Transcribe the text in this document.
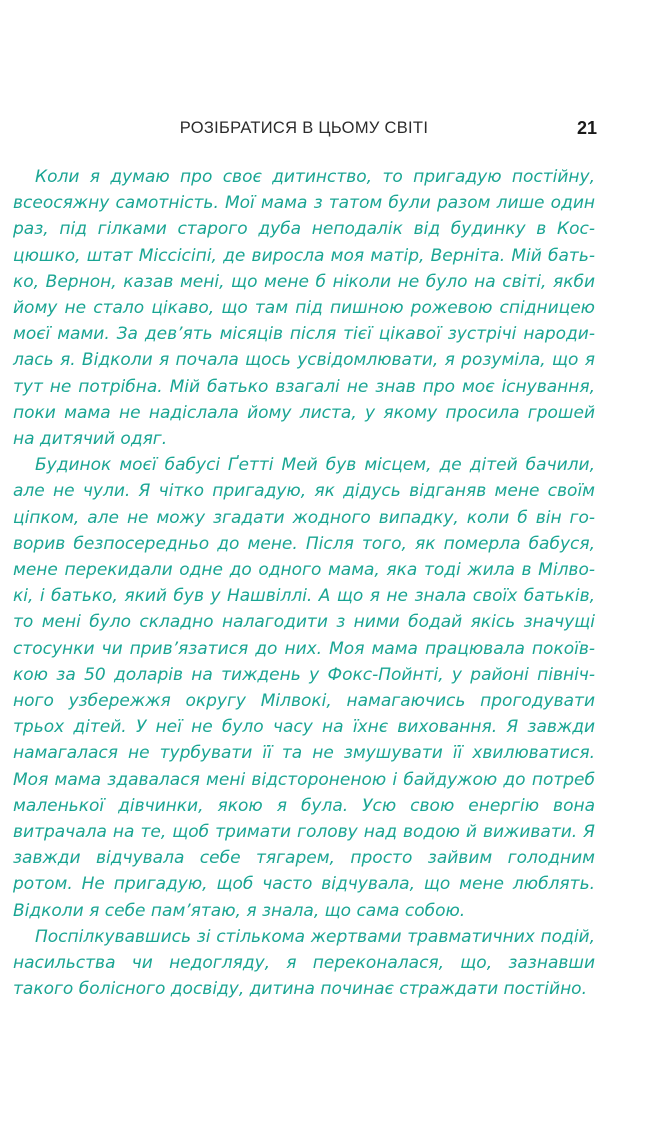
РОЗІБРАТИСЯ В ЦЬОМУ СВІТІ	21

Коли я думаю про своє дитинство, то пригадую постійну, всеосяжну самотність. Мої мама з татом були разом лише один раз, під гілками старого дуба неподалік від будинку в Косцюшко, штат Міссісіпі, де виросла моя матір, Верніта. Мій батько, Вернон, казав мені, що мене б ніколи не було на світі, якби йому не стало цікаво, що там під пишною рожевою спідницею моєї мами. За дев’ять місяців після тієї цікавої зустрічі народилась я. Відколи я почала щось усвідомлювати, я розуміла, що я тут не потрібна. Мій батько взагалі не знав про моє існування, поки мама не надіслала йому листа, у якому просила грошей на дитячий одяг.

Будинок моєї бабусі Ґетті Мей був місцем, де дітей бачили, але не чули. Я чітко пригадую, як дідусь відганяв мене своїм ціпком, але не можу згадати жодного випадку, коли б він говорив безпосередньо до мене. Після того, як померла бабуся, мене перекидали одне до одного мама, яка тоді жила в Мілвокі, і батько, який був у Нашвіллі. А що я не знала своїх батьків, то мені було складно налагодити з ними бодай якісь значущі стосунки чи прив’язатися до них. Моя мама працювала покоївкою за 50 доларів на тиждень у Фокс-Пойнті, у районі північного узбережжя округу Мілвокі, намагаючись прогодувати трьох дітей. У неї не було часу на їхнє виховання. Я завжди намагалася не турбувати її та не змушувати її хвилюватися. Моя мама здавалася мені відстороненою і байдужою до потреб маленької дівчинки, якою я була. Усю свою енергію вона витрачала на те, щоб тримати голову над водою й виживати. Я завжди відчувала себе тягарем, просто зайвим голодним ротом. Не пригадую, щоб часто відчувала, що мене люблять. Відколи я себе пам’ятаю, я знала, що сама собою.

Поспілкувавшись зі стількома жертвами травматичних подій, насильства чи недогляду, я переконалася, що, зазнавши такого болісного досвіду, дитина починає страждати постійно.
